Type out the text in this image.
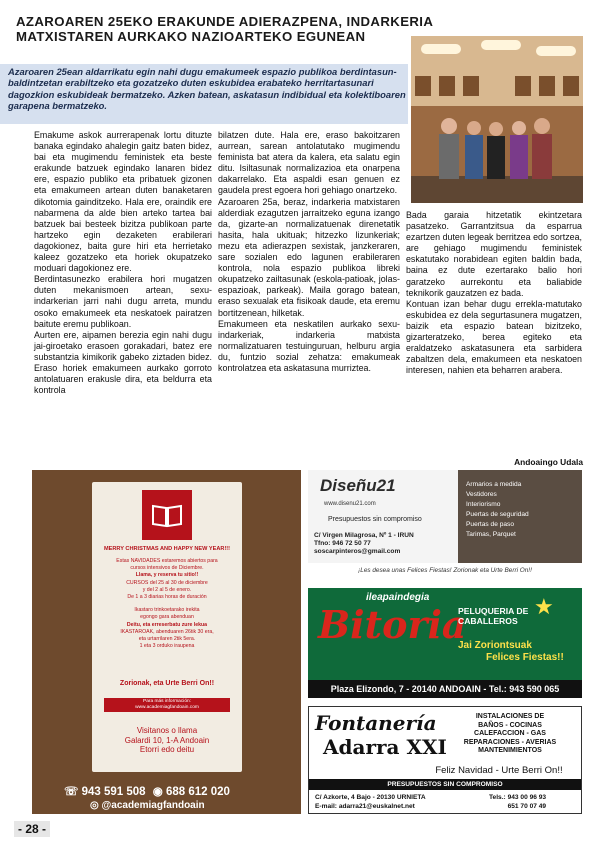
AZAROAREN 25EKO ERAKUNDE ADIERAZPENA, INDARKERIA
MATXISTAREN AURKAKO NAZIOARTEKO EGUNEAN
Azaroaren 25ean aldarrikatu egin nahi dugu emakumeek espazio publikoa berdintasun-baldintzetan erabiltzeko eta gozatzeko duten eskubidea erabateko herritartasunari dagozkion eskubideak bermatzeko. Azken batean, askatasun indibidual eta kolektiboaren garapena bermatzeko.

Emakume askok aurrerapenak lortu dituzte banaka egindako ahalegin gaitz baten bidez, bai eta mugimendu feministek eta beste erakunde batzuek egindako lanaren bidez ere, espazio publiko eta pribatuek gizonen eta emakumeen artean duten banaketaren dikotomia gainditzeko. Hala ere, oraindik ere nabarmena da alde bien arteko tartea bai batzuek bai besteek bizitza publikoan parte hartzeko egin dezaketen erabilerari dagokionez, baita gure hiri eta herrietako kaleez gozatzeko eta horiek okupatzeko moduari dagokionez ere.

Berdintasunezko erabilera hori mugatzen duten mekanismoen artean, sexu-indarkerian jarri nahi dugu arreta, mundu osoko emakumeek eta neskatoek pairatzen baitute eremu publikoan.

Aurten ere, aipamen berezia egin nahi dugu jai-giroetako erasoen gorakadari, batez ere substantzia kimikorik gabeko ziztaden bidez. Eraso horiek emakumeen aurkako gorroto antolatuaren erakusle dira, eta beldurra eta kontrola

bilatzen dute. Hala ere, eraso bakoitzaren aurrean, sarean antolatutako mugimendu feminista bat atera da kalera, eta salatu egin ditu. Isiltasunak normalizazioa eta onarpena dakarrelako. Eta aspaldi esan genuen ez gaudela prest egoera hori gehiago onartzeko.

Azaroaren 25a, beraz, indarkeria matxistaren alderdiak ezagutzen jarraitzeko eguna izango da, gizarte-an normalizatuenak direnetatik hasita, hala ukituak; hitzezko lizunkeriak; mezu eta adierazpen sexistak, janzkeraren, sare sozialen edo lagunen erabileraren kontrola, nola espazio publikoa libreki okupatzeko zailtasunak (eskola-patioak, jolas-espazioak, parkeak). Maila gorago batean, eraso sexualak eta fisikoak daude, eta eremu bortitzenean, hilketak.

Emakumeen eta neskatilen aurkako sexu-indarkeriak, indarkeria matxista normalizatuaren testuinguruan, helburu argia du, funtzio sozial zehatza: emakumeak kontrolatzea eta askatasuna murriztea.

Bada garaia hitzetatik ekintzetara pasatzeko. Garrantzitsua da esparrua ezartzen duten legeak berritzea edo sortzea, are gehiago mugimendu feministek eskatutako norabidean egiten baldin bada, baina ez dute ezertarako balio hori garatzeko aurrekontu eta baliabide teknikorik gauzatzen ez bada.

Kontuan izan behar dugu errekla-matutako eskubidea ez dela segurtasunera mugatzen, baizik eta espazio batean bizitzeko, gizarteratzeko, berea egiteko eta eraldatzeko askatasunera eta sarbidera zabaltzen dela, emakumeen eta neskatoen interesen, nahien eta beharren arabera.

Andoaingo Udala
MERRY CHRISTMAS AND HAPPY NEW YEAR!!!
Estas NAVIDADES estaremos abiertos para
cursos intensivos de Diciembre.
Llama, y reserva tu sitio!!
CURSOS del 25 al 30 de diciembre
y del 2 al 5 de enero.
De 1 a 3 diarias horas de duración
Ikastaro trinkoetarako irekita
egongo gara abenduan
Deitu, eta erreserbatu zure lekua
IKASTAROAK, abenduaren 26tik 30 era,
eta urtarrilaren 2tik 5era.
1 eta 3 orduko iraupena
Zorionak, eta Urte Berri On!!
Para más información:
www.academiagfandoain.com
Visitanos o llama
Galardi 10, 1-A Andoain
Etorri edo deitu
☏ 943 591 508 ◉ 688 612 020
◎ @academiagfandoain
Diseñu21
www.disenu21.com
Presupuestos sin compromiso
C/ Virgen Milagrosa, Nº 1 - IRUN
Tfno: 946 72 50 77
soscarpinteros@gmail.com
Armarios a medida
Vestidores
Interiorismo
Puertas de seguridad
Puertas de paso
Tarimas, Parquet
¡Les desea unas Felices Fiestas! Zorionak eta Urte Berri On!!
ileapaindegia
Bitoria
PELUQUERIA DE CABALLEROS
Jai Zoriontsuak
Felices Fiestas!!
★
Plaza Elizondo, 7 - 20140 ANDOAIN - Tel.: 943 590 065
Fontanería
Adarra XXI
INSTALACIONES DE
BAÑOS - COCINAS
CALEFACCION - GAS
REPARACIONES - AVERIAS
MANTENIMIENTOS
Feliz Navidad - Urte Berri On!!
PRESUPUESTOS SIN COMPROMISO
C/ Azkorte, 4 Bajo - 20130 URNIETA
E-mail: adarra21@euskalnet.net
Tels.: 943 00 96 93
651 70 07 49
- 28 -
